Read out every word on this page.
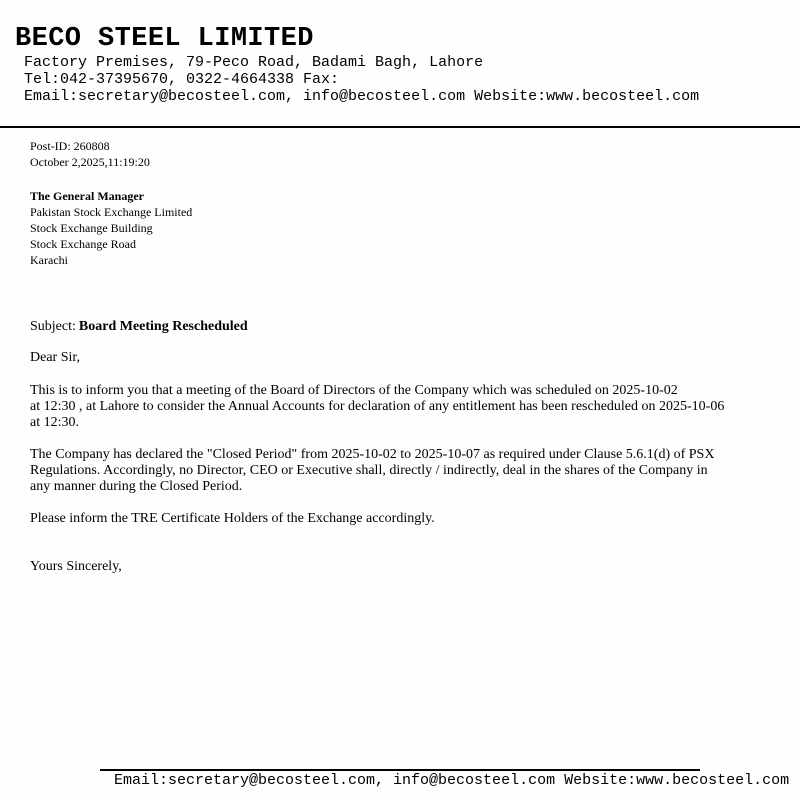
BECO STEEL LIMITED
Factory Premises, 79-Peco Road, Badami Bagh, Lahore
Tel:042-37395670, 0322-4664338 Fax:
Email:secretary@becosteel.com, info@becosteel.com Website:www.becosteel.com
Post-ID: 260808
October 2,2025,11:19:20
The General Manager
Pakistan Stock Exchange Limited
Stock Exchange Building
Stock Exchange Road
Karachi
Subject: Board Meeting Rescheduled
Dear Sir,
This is to inform you that a meeting of the Board of Directors of the Company which was scheduled on 2025-10-02
at 12:30 , at Lahore to consider the Annual Accounts for declaration of any entitlement has been rescheduled on 2025-10-06
at 12:30.
The Company has declared the "Closed Period" from 2025-10-02 to 2025-10-07 as required under Clause 5.6.1(d) of PSX
Regulations. Accordingly, no Director, CEO or Executive shall, directly / indirectly, deal in the shares of the Company in
any manner during the Closed Period.
Please inform the TRE Certificate Holders of the Exchange accordingly.
Yours Sincerely,
Email:secretary@becosteel.com, info@becosteel.com Website:www.becosteel.com
